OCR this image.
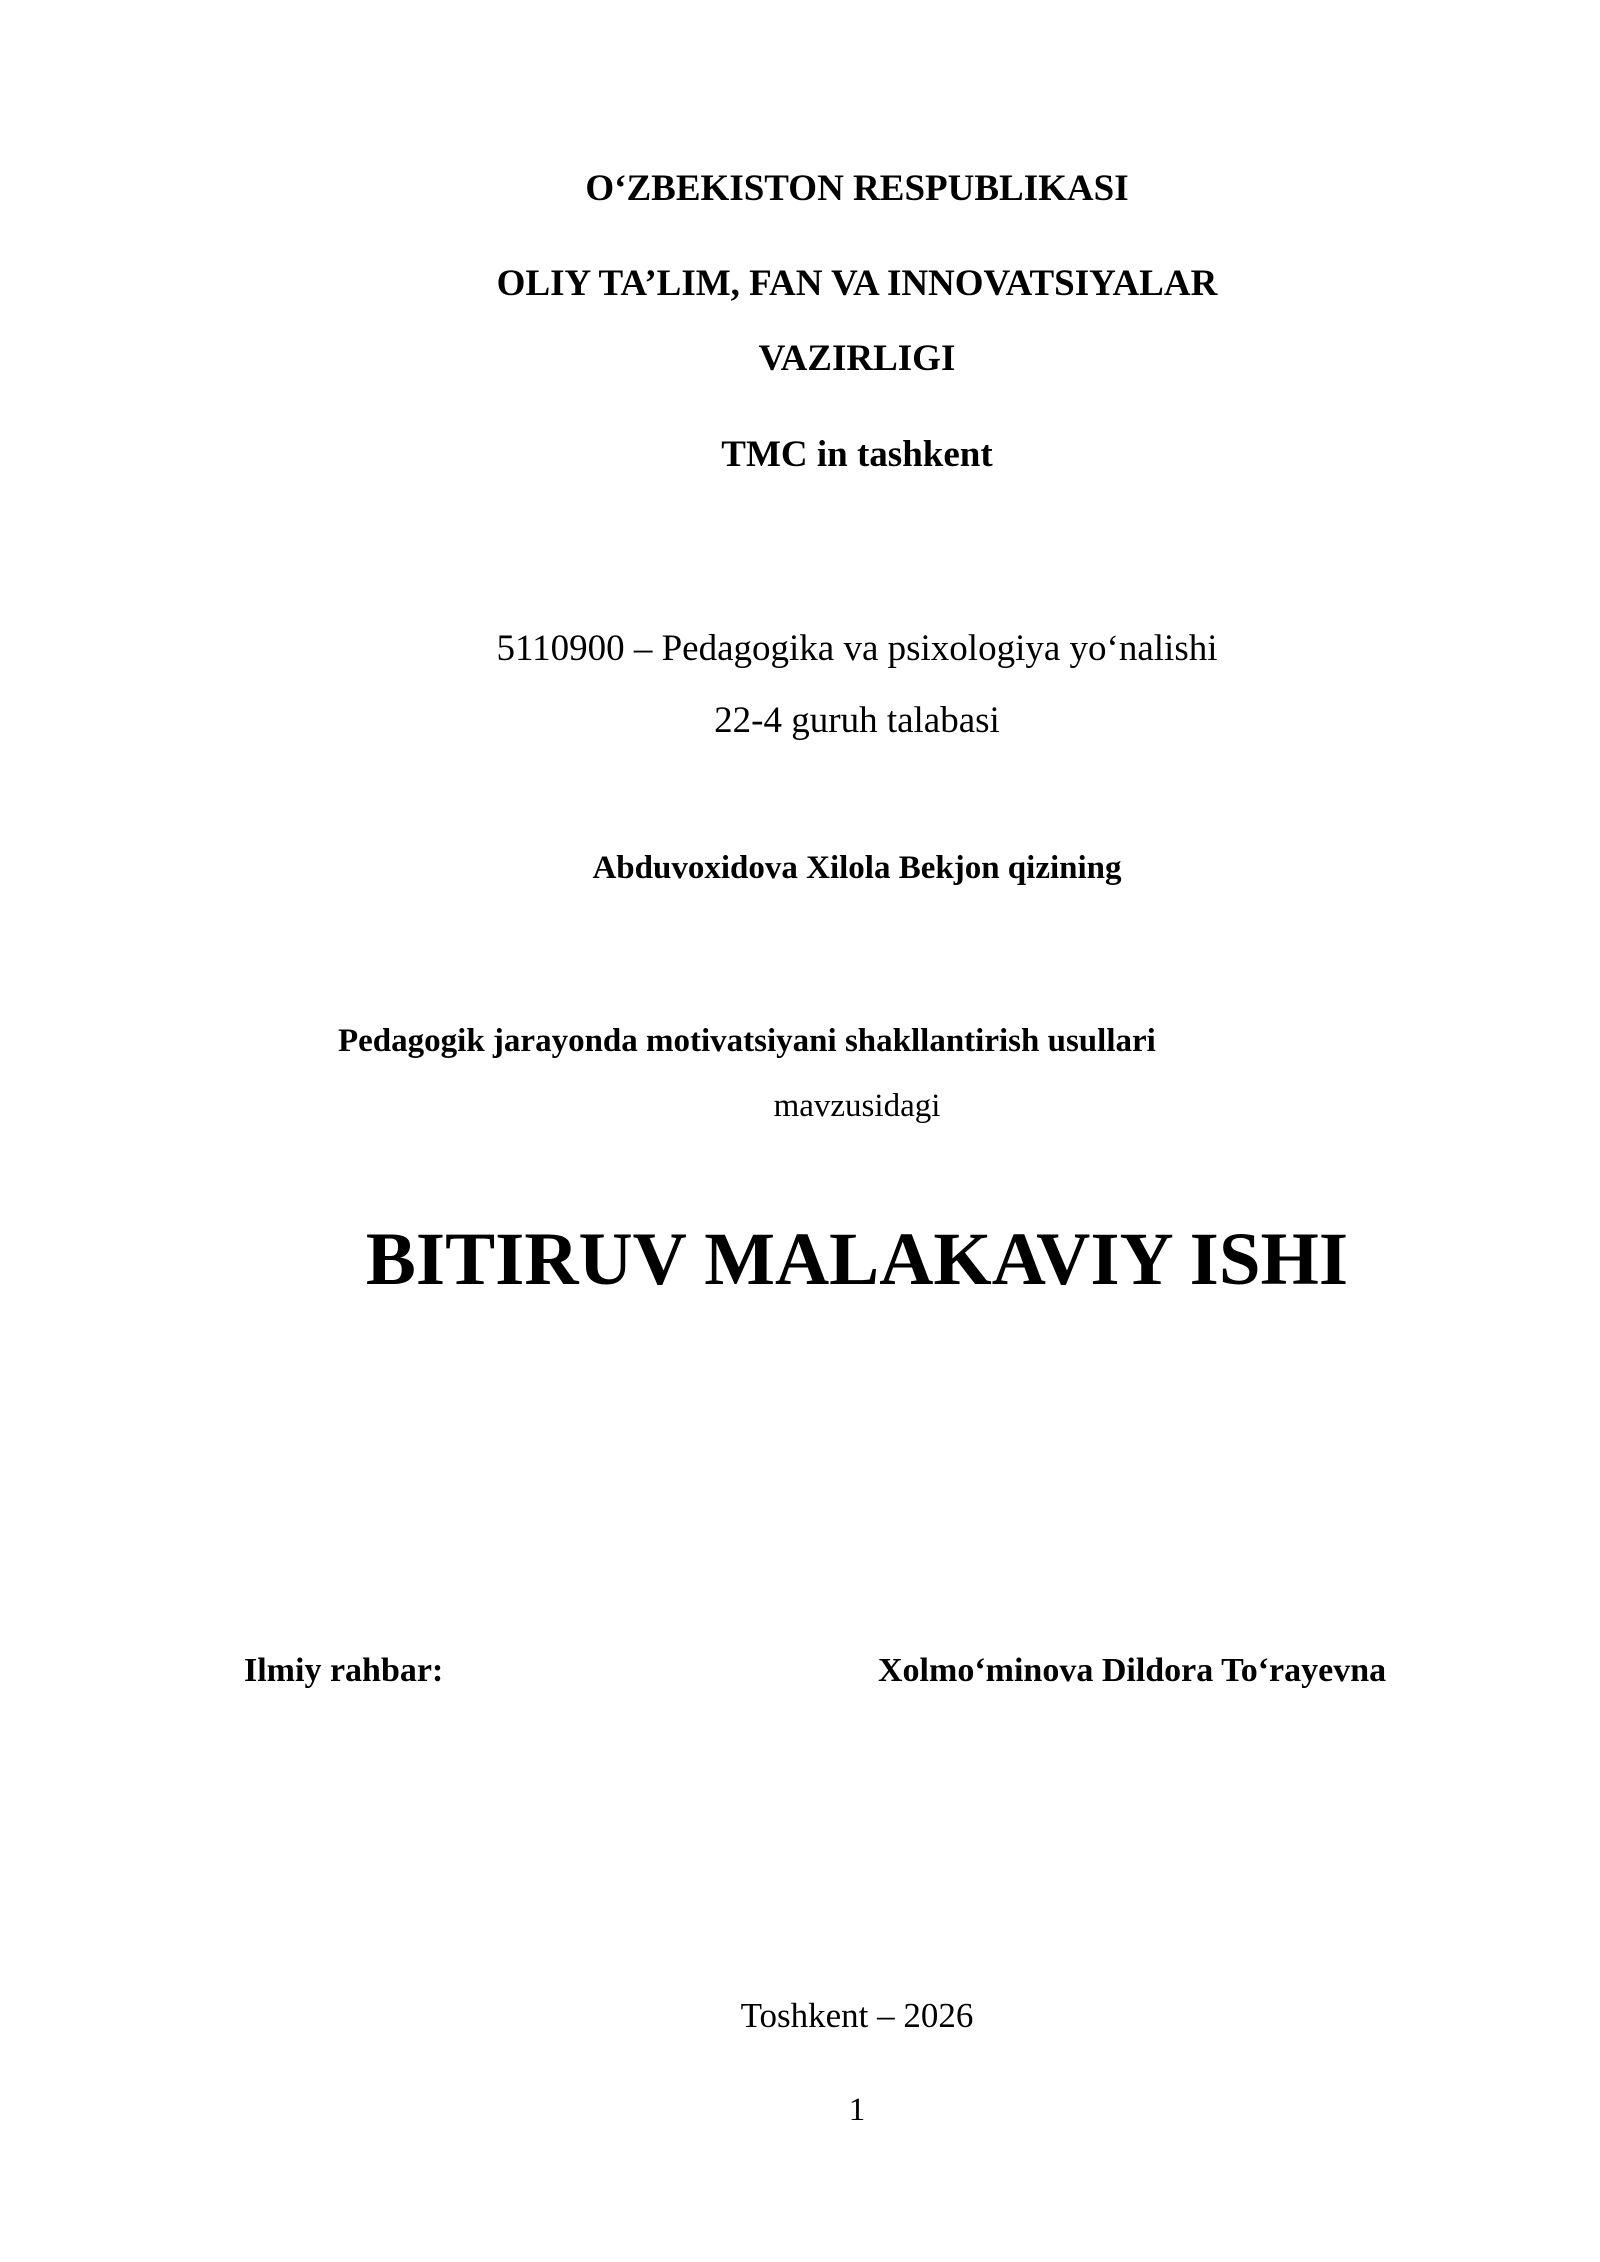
O‘ZBEKISTON RESPUBLIKASI
OLIY TA’LIM, FAN VA INNOVATSIYALAR
VAZIRLIGI
TMC in tashkent
5110900 – Pedagogika va psixologiya yo‘nalishi
22-4 guruh talabasi
Abduvoxidova Xilola Bekjon qizining
Pedagogik jarayonda motivatsiyani shakllantirish usullari
mavzusidagi
BITIRUV MALAKAVIY ISHI
Ilmiy rahbar:	Xolmo‘minova Dildora To‘rayevna
Toshkent – 2026
1
